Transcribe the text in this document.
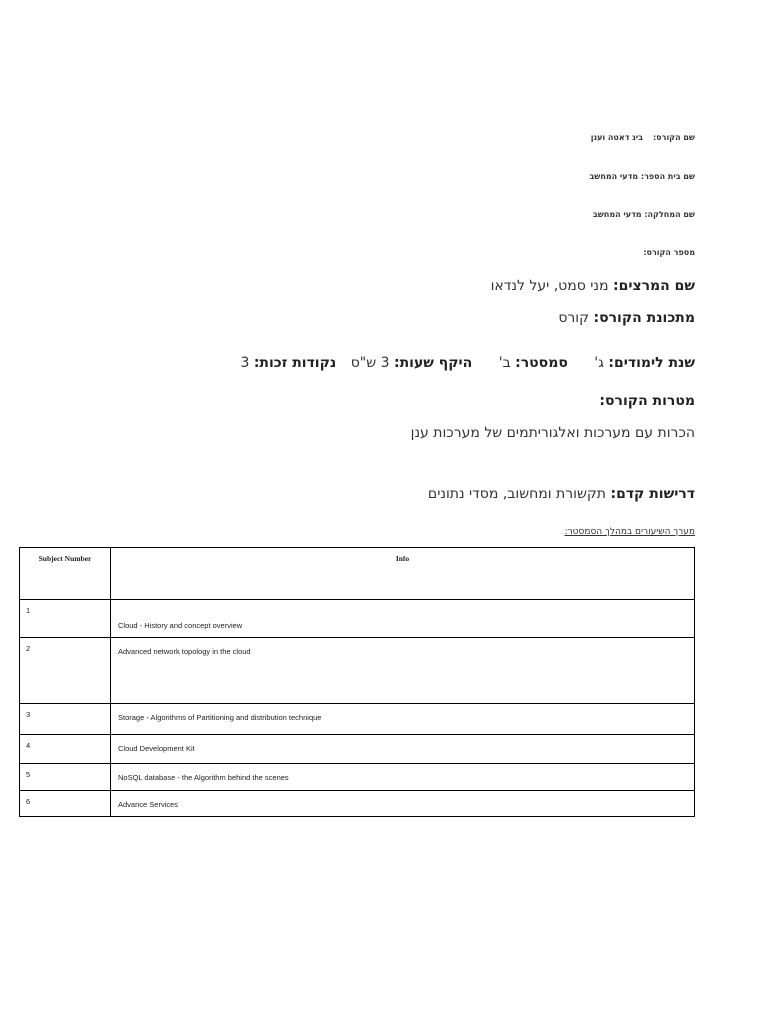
שם הקורס:ביג דאטה וענן
שם בית הספר: מדעי המחשב
שם המחלקה: מדעי המחשב
מספר הקורס:
שם המרצים: מני סמט, יעל לנדאו
מתכונת הקורס: קורס
שנת לימודים: ג' סמסטר: ב' היקף שעות: 3 ש"ס נקודות זכות: 3
מטרות הקורס:
הכרות עם מערכות ואלגוריתמים של מערכות ענן
דרישות קדם: תקשורת ומחשוב, מסדי נתונים
מערך השיעורים במהלך הסמסטר:
Subject Number	Info
1	Cloud - History and concept overview
2	Advanced network topology in the cloud
3	Storage - Algorithms of Partitioning and distribution technique
4	Cloud Development Kit
5	NoSQL database - the Algorithm behind the scenes
6	Advance Services
